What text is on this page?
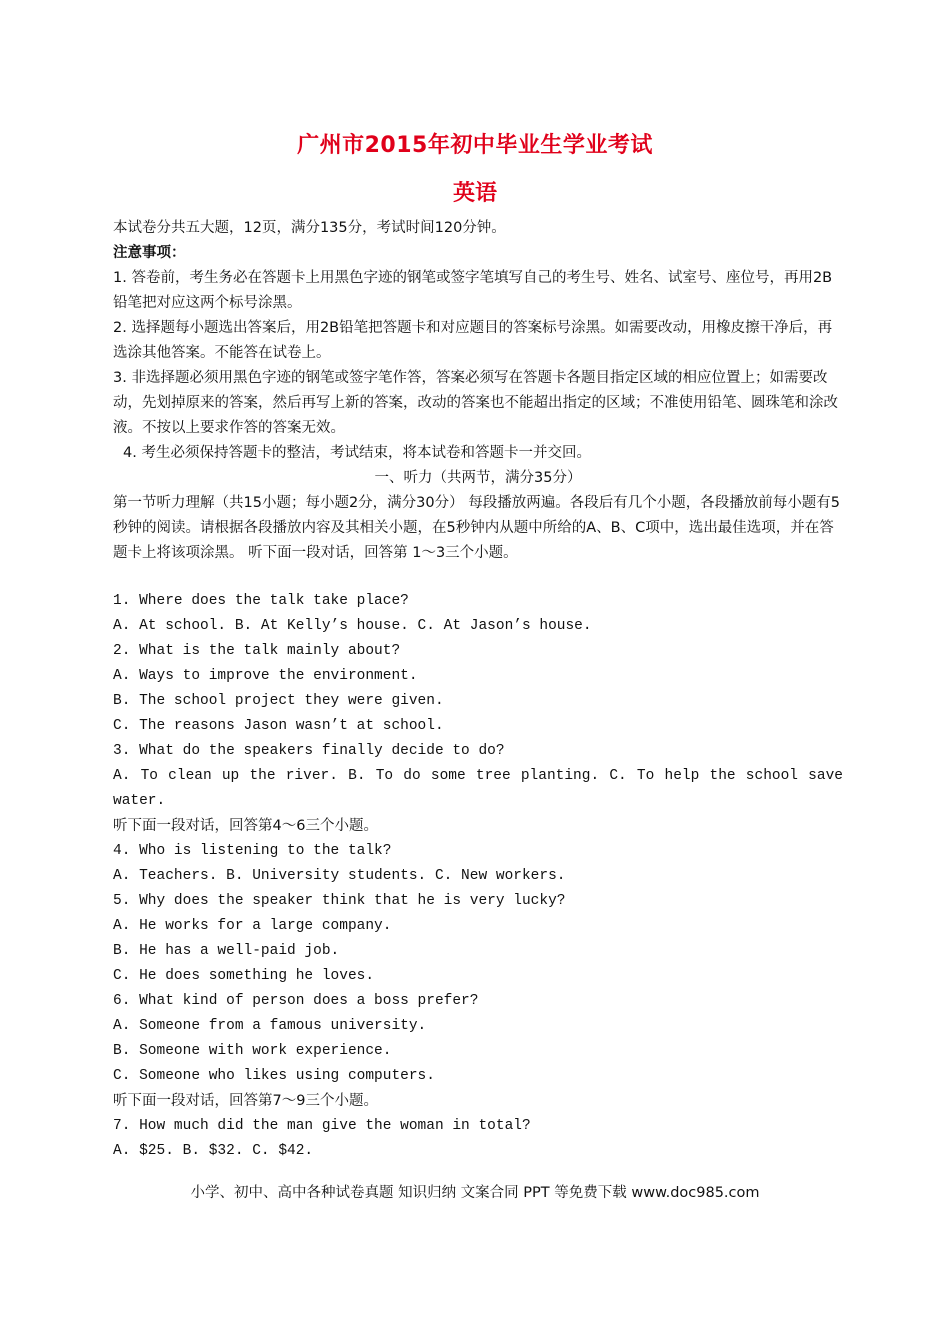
广州市2015年初中毕业生学业考试
英语
本试卷分共五大题，12页，满分135分，考试时间120分钟。
注意事项：
1. 答卷前，考生务必在答题卡上用黑色字迹的钢笔或签字笔填写自己的考生号、姓名、试室号、座位号，再用2B铅笔把对应这两个标号涂黑。
2. 选择题每小题选出答案后，用2B铅笔把答题卡和对应题目的答案标号涂黑。如需要改动，用橡皮擦干净后，再选涂其他答案。不能答在试卷上。
3. 非选择题必须用黑色字迹的钢笔或签字笔作答，答案必须写在答题卡各题目指定区域的相应位置上；如需要改动，先划掉原来的答案，然后再写上新的答案，改动的答案也不能超出指定的区域；不准使用铅笔、圆珠笔和涂改液。不按以上要求作答的答案无效。
4. 考生必须保持答题卡的整洁，考试结束，将本试卷和答题卡一并交回。
一、听力（共两节，满分35分）
第一节听力理解（共15小题；每小题2分，满分30分） 每段播放两遍。各段后有几个小题，各段播放前每小题有5秒钟的阅读。请根据各段播放内容及其相关小题，在5秒钟内从题中所给的A、B、C项中，选出最佳选项，并在答题卡上将该项涂黑。 听下面一段对话，回答第 1～3三个小题。
1. Where does the talk take place?
A. At school. B. At Kelly’s house. C. At Jason’s house.
2. What is the talk mainly about?
A. Ways to improve the environment.
B. The school project they were given.
C. The reasons Jason wasn’t at school.
3. What do the speakers finally decide to do?
A. To clean up the river. B. To do some tree planting. C. To help the school save
water.
听下面一段对话，回答第4～6三个小题。
4. Who is listening to the talk?
A. Teachers. B. University students. C. New workers.
5. Why does the speaker think that he is very lucky?
A. He works for a large company.
B. He has a well-paid job.
C. He does something he loves.
6. What kind of person does a boss prefer?
A. Someone from a famous university.
B. Someone with work experience.
C. Someone who likes using computers.
听下面一段对话，回答第7～9三个小题。
7. How much did the man give the woman in total?
A. $25. B. $32. C. $42.
小学、初中、高中各种试卷真题 知识归纳 文案合同 PPT 等免费下载 www.doc985.com
